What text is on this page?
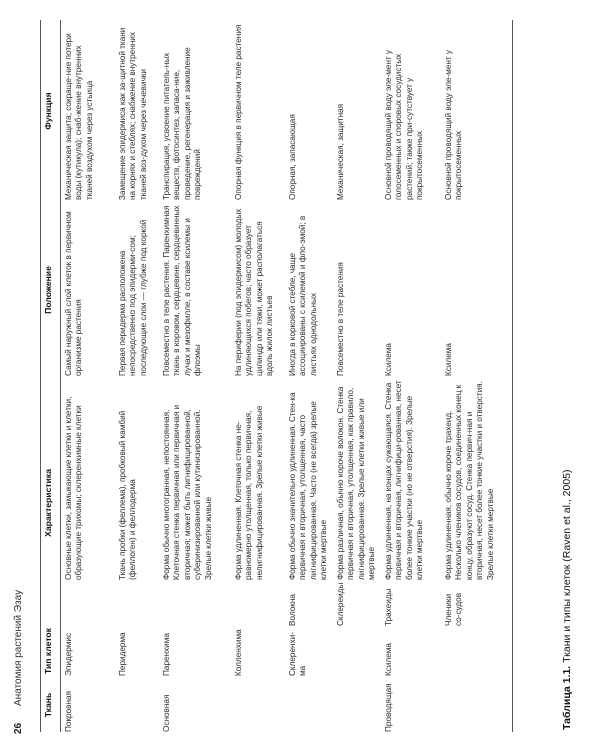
26
Анатомия растений Эзау Ткань
Тип клеток
Характеристика
Положение
Функция
Покровная
Эпидермис
Основные клетки, замыкающие клетки и клетки, образующие трихомы; склеренхимные клетки
Самый наружный слой клеток в первичном организме растения
Механическая защита; сокраще-ние потери воды (кутикула); снаб-жение внутренних тканей воздухом через устьица
Перидерма
Ткань пробки (феллема), пробковый камбий (феллоген) и феллодерма
Первая перидерма расположена непосредственно под эпидерми-сом; последующие слои — глубже под коркой
Замещение эпидермиса как за-щитной ткани на корнях и стеблях; снабжение внутренних тканей воз-духом через чечевички
Основная
Паренхима
Форма обычно многогранная, непостоянная. Клеточная стенка первичная или первичная и вторичная; может быть лигнифицированной, суберинизированной или кутинизированной. Зрелые клетки живые
Повсеместно в теле растения. Паренхимная ткань в коровом, сердцевине, сердцевинных лучах и мезофилле, в составе ксилемы и флоэмы
Транспирация, усвоение питатель-ных веществ, фотосинтез, запаса-ние, проведение, регенерация и заживление повреждений
Колленхима
Форма удлиненная. Клеточная стенка не-равномерно утолщенная, только первичная, нелигнифицированная. Зрелые клетки живые
На периферии (под эпидермисом) молодых удлиняющихся побегов; часто образует цилиндр или тяжи, может располагаться вдоль жилок листьев
Опорная функция в первичном теле растения
Склеренхи-ма
Волокна
Форма обычно значительно удлиненная. Стен-ка первичная и вторичная, утолщенная, часто лигнифицированная. Часто (не всегда) зрелые клетки мертвые
Иногда в корковой стебле, чаще ассоциированы с ксилемой и фло-эмой; в листьях однодольных
Опорная, запасающая
Склереиды
Форма различная, обычно короче волокон. Стенка первичная и вторичная, утолщенная, как правило, лигнифицированная. Зрелые клетки живые или мертвые
Повсеместно в теле растения
Механическая, защитная
Проводящая
Ксилема
Трахеиды
Форма удлиненная, на концах сужающаяся. Стенка первичная и вторичная, лигнифици-рованная, несет более тонкие участки (но не отверстия). Зрелые клетки мертвые
Ксилема
Основной проводящий воду эле-мент у голосеменных и споровых сосудистых растений; также при-сутствует у покрытосеменных
Членики со-судов
Форма удлиненная, обычно короче трахеид. Несколько члеников сосудов, соединенных конец к концу, образуют сосуд. Стенка первич-ная и вторичная, несет более тонкие участки и отверстия. Зрелые клетки мертвые
Ксилема
Основной проводящий воду эле-мент у покрытосеменных
Таблица 1.1. Ткани и типы клеток (Raven et al., 2005)
